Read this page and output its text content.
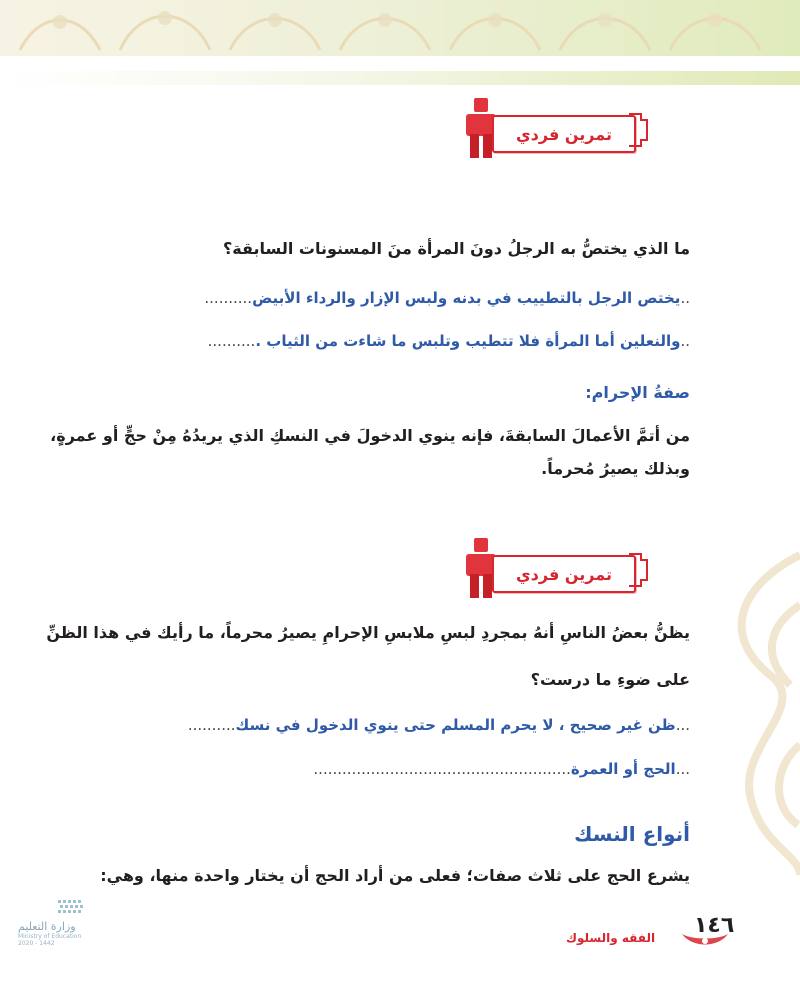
تمرين فردي
ما الذي يختصُّ به الرجلُ دونَ المرأة منَ المسنونات السابقة؟
..يختص الرجل بالتطييب في بدنه ولبس الإزار والرداء الأبيض..........
..والنعلين أما المرأة فلا تتطيب وتلبس ما شاءت من الثياب ...........
صفةُ الإحرام:
من أتمَّ الأعمالَ السابقةَ، فإنه ينوي الدخولَ في النسكِ الذي يريدُهُ مِنْ حجٍّ أو عمرةٍ،
وبذلك يصيرُ مُحرماً.
تمرين فردي
يظنُّ بعضُ الناسِ أنهُ بمجردِ لبسِ ملابسِ الإحرامِ يصيرُ محرماً، ما رأيك في هذا الظنِّ
على ضوءِ ما درست؟
...ظن غير صحيح ، لا يحرم المسلم حتى ينوي الدخول في نسك..........
...الحج أو العمرة......................................................
أنواع النسك
يشرع الحج على ثلاث صفات؛ فعلى من أراد الحج أن يختار واحدة منها، وهي:
وزارة التعليم
Ministry of Education
2020 - 1442
١٤٦
الفقه والسلوك
